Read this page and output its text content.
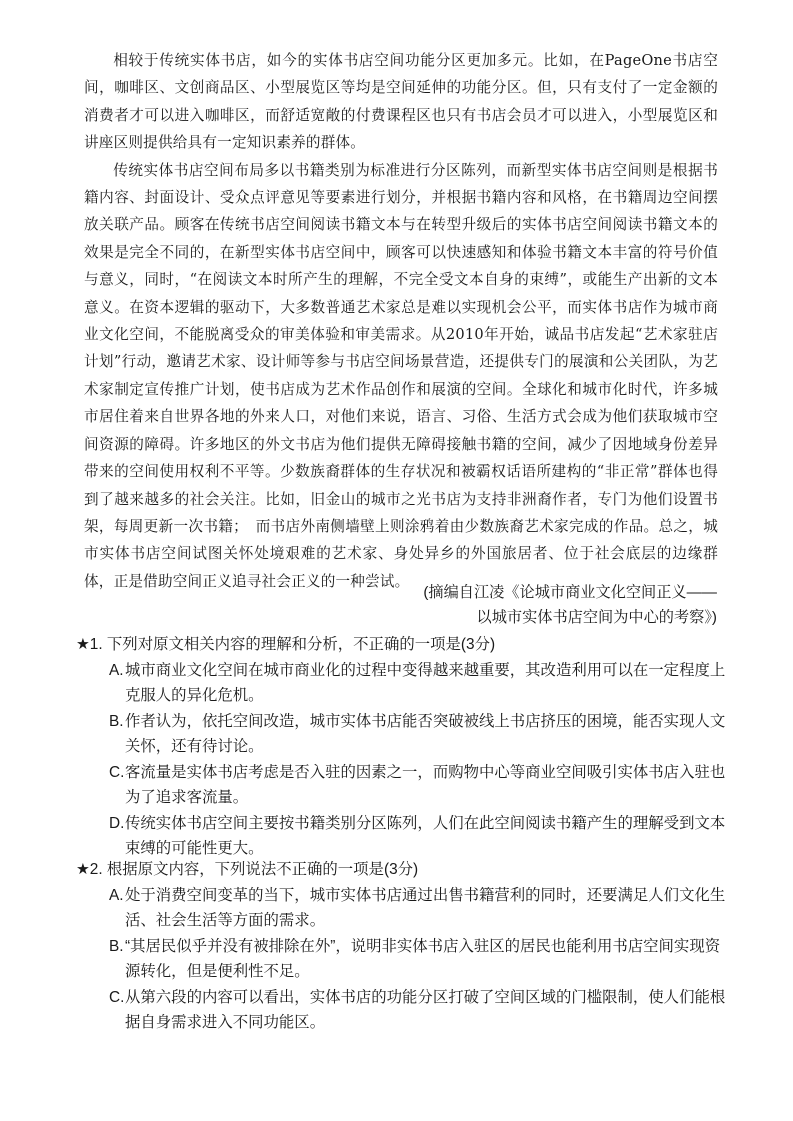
相较于传统实体书店，如今的实体书店空间功能分区更加多元。比如，在PageOne书店空间，咖啡区、文创商品区、小型展览区等均是空间延伸的功能分区。但，只有支付了一定金额的消费者才可以进入咖啡区，而舒适宽敞的付费课程区也只有书店会员才可以进入，小型展览区和讲座区则提供给具有一定知识素养的群体。

传统实体书店空间布局多以书籍类别为标准进行分区陈列，而新型实体书店空间则是根据书籍内容、封面设计、受众点评意见等要素进行划分，并根据书籍内容和风格，在书籍周边空间摆放关联产品。顾客在传统书店空间阅读书籍文本与在转型升级后的实体书店空间阅读书籍文本的效果是完全不同的，在新型实体书店空间中，顾客可以快速感知和体验书籍文本丰富的符号价值与意义，同时，“在阅读文本时所产生的理解，不完全受文本自身的束缚”，或能生产出新的文本意义。在资本逻辑的驱动下，大多数普通艺术家总是难以实现机会公平，而实体书店作为城市商业文化空间，不能脱离受众的审美体验和审美需求。从2010年开始，诚品书店发起“艺术家驻店计划”行动，邀请艺术家、设计师等参与书店空间场景营造，还提供专门的展演和公关团队，为艺术家制定宣传推广计划，使书店成为艺术作品创作和展演的空间。全球化和城市化时代，许多城市居住着来自世界各地的外来人口，对他们来说，语言、习俗、生活方式会成为他们获取城市空间资源的障碍。许多地区的外文书店为他们提供无障碍接触书籍的空间，减少了因地域身份差异带来的空间使用权利不平等。少数族裔群体的生存状况和被霸权话语所建构的“非正常”群体也得到了越来越多的社会关注。比如，旧金山的城市之光书店为支持非洲裔作者，专门为他们设置书架，每周更新一次书籍；　而书店外南侧墙壁上则涂鸦着由少数族裔艺术家完成的作品。总之，城市实体书店空间试图关怀处境艰难的艺术家、身处异乡的外国旅居者、位于社会底层的边缘群体，正是借助空间正义追寻社会正义的一种尝试。

(摘编自江凌《论城市商业文化空间正义——
以城市实体书店空间为中心的考察》)
★1. 下列对原文相关内容的理解和分析，不正确的一项是(3分)
A. 城市商业文化空间在城市商业化的过程中变得越来越重要，其改造利用可以在一定程度上克服人的异化危机。
B. 作者认为，依托空间改造，城市实体书店能否突破被线上书店挤压的困境，能否实现人文关怀，还有待讨论。
C. 客流量是实体书店考虑是否入驻的因素之一，而购物中心等商业空间吸引实体书店入驻也为了追求客流量。
D. 传统实体书店空间主要按书籍类别分区陈列，人们在此空间阅读书籍产生的理解受到文本束缚的可能性更大。
★2. 根据原文内容，下列说法不正确的一项是(3分)
A. 处于消费空间变革的当下，城市实体书店通过出售书籍营利的同时，还要满足人们文化生活、社会生活等方面的需求。
B. “其居民似乎并没有被排除在外”，说明非实体书店入驻区的居民也能利用书店空间实现资源转化，但是便利性不足。
C. 从第六段的内容可以看出，实体书店的功能分区打破了空间区域的门槛限制，使人们能根据自身需求进入不同功能区。
